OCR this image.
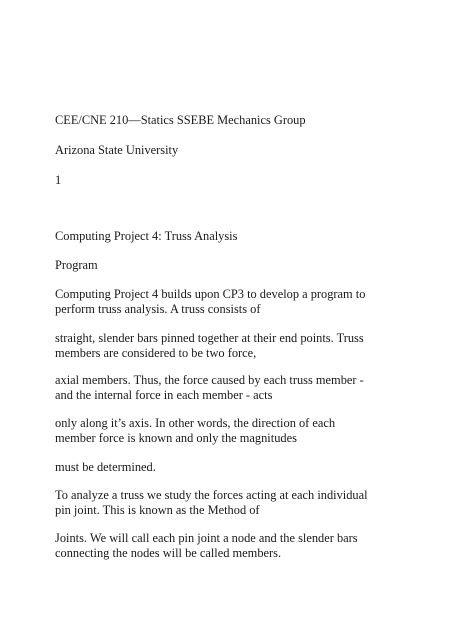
CEE/CNE 210—Statics SSEBE Mechanics Group

Arizona State University

1

Computing Project 4: Truss Analysis

Program

Computing Project 4 builds upon CP3 to develop a program to

perform truss analysis. A truss consists of

straight, slender bars pinned together at their end points. Truss

members are considered to be two force,

axial members. Thus, the force caused by each truss member -

and the internal force in each member - acts

only along it’s axis. In other words, the direction of each

member force is known and only the magnitudes

must be determined.

To analyze a truss we study the forces acting at each individual

pin joint. This is known as the Method of

Joints. We will call each pin joint a node and the slender bars

connecting the nodes will be called members.
